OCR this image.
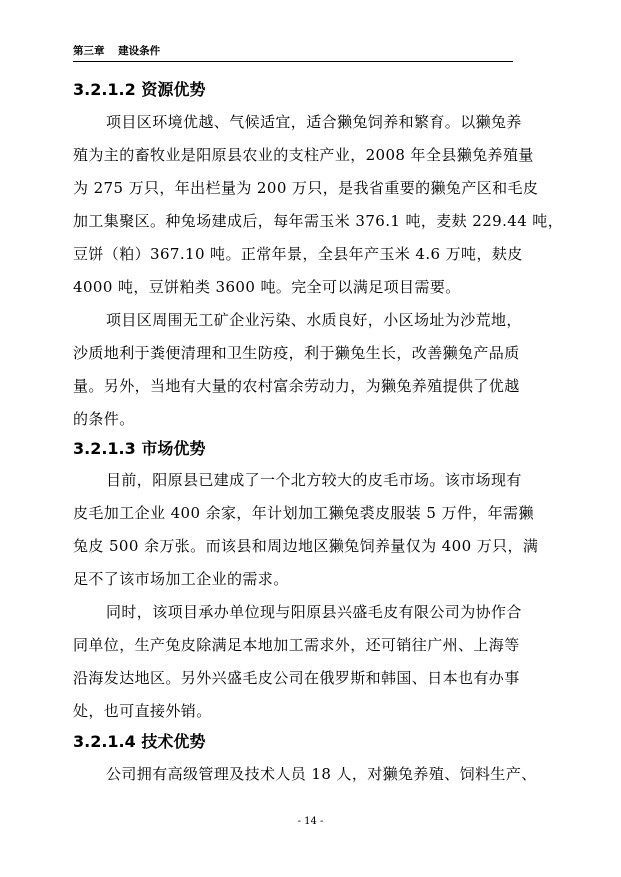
第三章 建设条件
3.2.1.2 资源优势
项目区环境优越、气候适宜，适合獭兔饲养和繁育。以獭兔养
殖为主的畜牧业是阳原县农业的支柱产业，2008 年全县獭兔养殖量
为 275 万只，年出栏量为 200 万只，是我省重要的獭兔产区和毛皮
加工集聚区。种兔场建成后，每年需玉米 376.1 吨，麦麸 229.44 吨，
豆饼（粕）367.10 吨。正常年景，全县年产玉米 4.6 万吨，麸皮
4000 吨，豆饼粕类 3600 吨。完全可以满足项目需要。
项目区周围无工矿企业污染、水质良好，小区场址为沙荒地，
沙质地利于粪便清理和卫生防疫，利于獭兔生长，改善獭兔产品质
量。另外，当地有大量的农村富余劳动力，为獭兔养殖提供了优越
的条件。
3.2.1.3 市场优势
目前，阳原县已建成了一个北方较大的皮毛市场。该市场现有
皮毛加工企业 400 余家，年计划加工獭兔裘皮服装 5 万件，年需獭
兔皮 500 余万张。而该县和周边地区獭兔饲养量仅为 400 万只，满
足不了该市场加工企业的需求。
同时，该项目承办单位现与阳原县兴盛毛皮有限公司为协作合
同单位，生产兔皮除满足本地加工需求外，还可销往广州、上海等
沿海发达地区。另外兴盛毛皮公司在俄罗斯和韩国、日本也有办事
处，也可直接外销。
3.2.1.4 技术优势
公司拥有高级管理及技术人员 18 人，对獭兔养殖、饲料生产、
- 14 -
